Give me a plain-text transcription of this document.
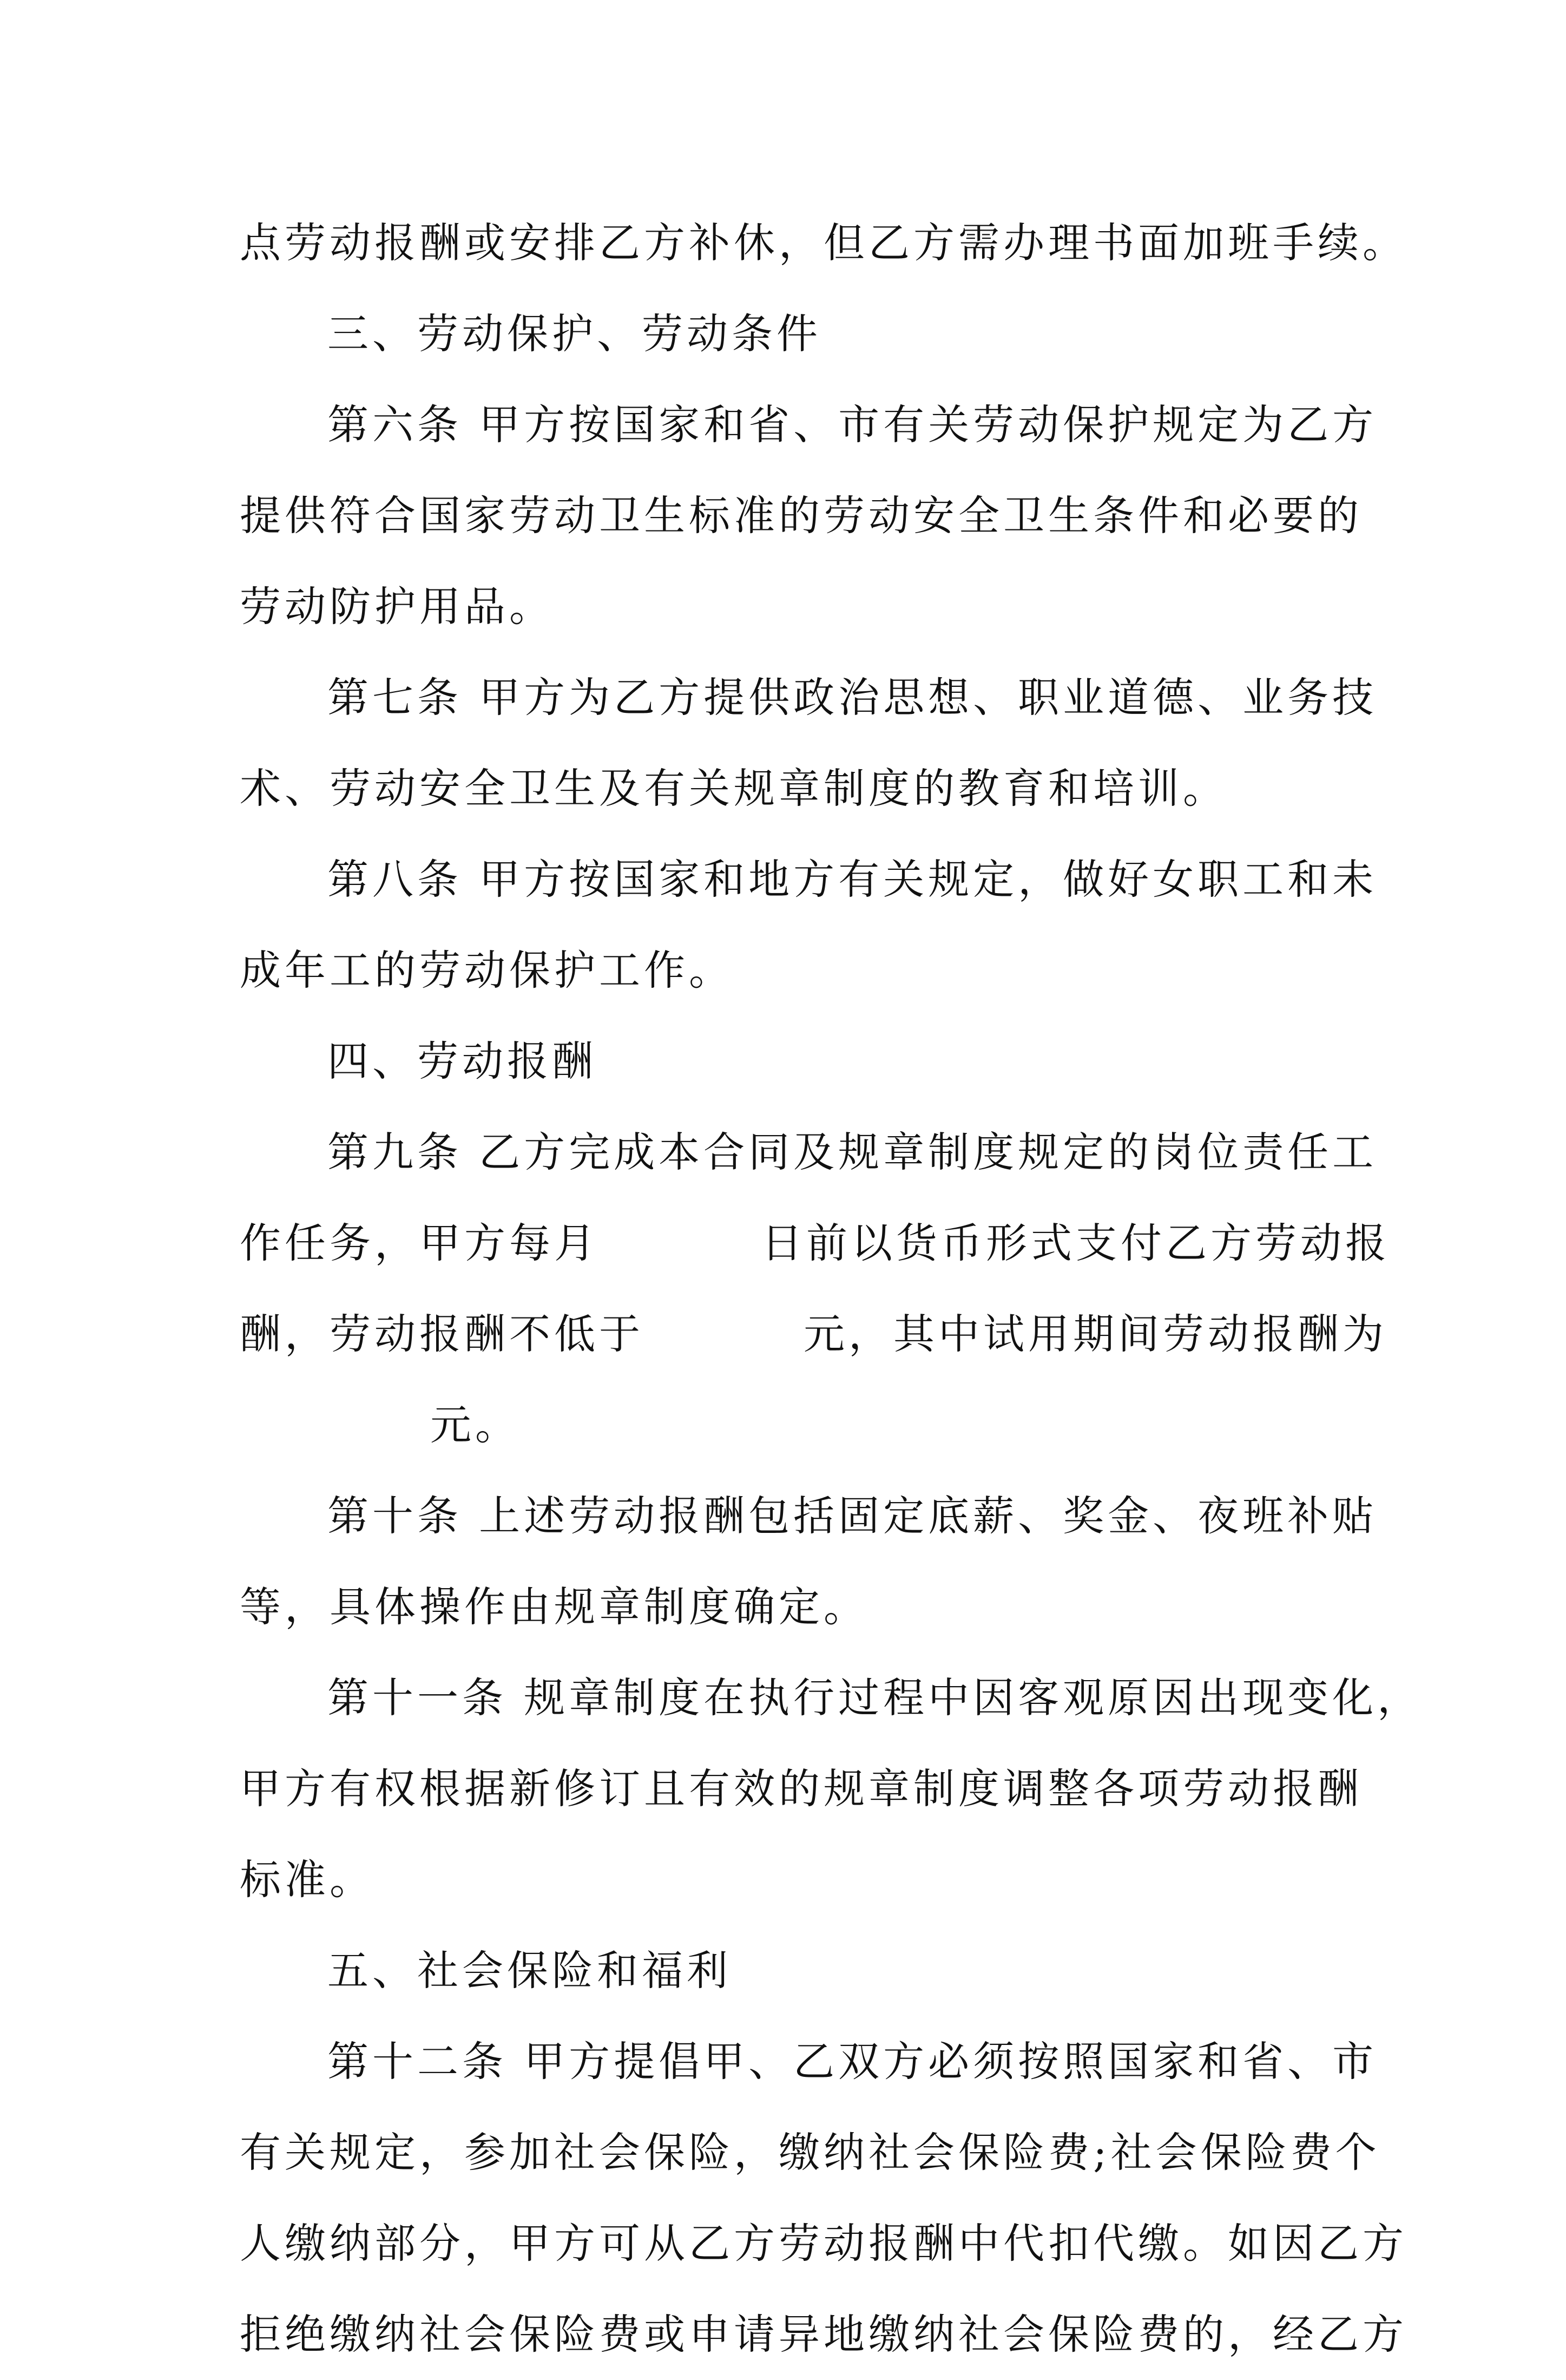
点劳动报酬或安排乙方补休，但乙方需办理书面加班手续。
三、劳动保护、劳动条件
第六条 甲方按国家和省、市有关劳动保护规定为乙方
提供符合国家劳动卫生标准的劳动安全卫生条件和必要的
劳动防护用品。
第七条 甲方为乙方提供政治思想、职业道德、业务技
术、劳动安全卫生及有关规章制度的教育和培训。
第八条 甲方按国家和地方有关规定，做好女职工和未
成年工的劳动保护工作。
四、劳动报酬
第九条 乙方完成本合同及规章制度规定的岗位责任工
作任务，甲方每月	日前以货币形式支付乙方劳动报
酬，劳动报酬不低于	元，其中试用期间劳动报酬为
元。
第十条 上述劳动报酬包括固定底薪、奖金、夜班补贴
等，具体操作由规章制度确定。
第十一条 规章制度在执行过程中因客观原因出现变化，
甲方有权根据新修订且有效的规章制度调整各项劳动报酬
标准。
五、社会保险和福利
第十二条 甲方提倡甲、乙双方必须按照国家和省、市
有关规定，参加社会保险，缴纳社会保险费;社会保险费个
人缴纳部分，甲方可从乙方劳动报酬中代扣代缴。如因乙方
拒绝缴纳社会保险费或申请异地缴纳社会保险费的，经乙方
